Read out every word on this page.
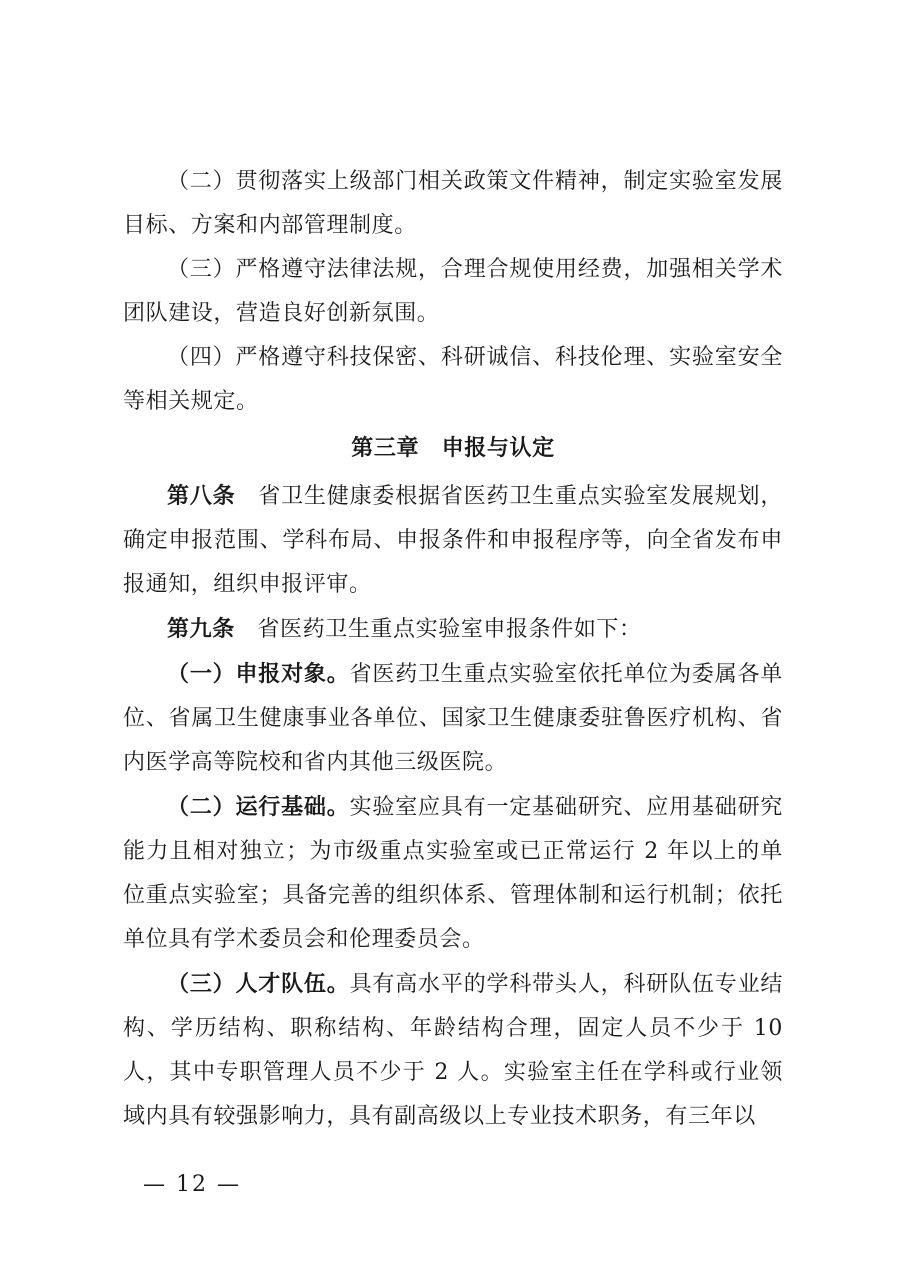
（二）贯彻落实上级部门相关政策文件精神，制定实验室发展目标、方案和内部管理制度。

（三）严格遵守法律法规，合理合规使用经费，加强相关学术团队建设，营造良好创新氛围。

（四）严格遵守科技保密、科研诚信、科技伦理、实验室安全等相关规定。

第三章　申报与认定

第八条　省卫生健康委根据省医药卫生重点实验室发展规划，确定申报范围、学科布局、申报条件和申报程序等，向全省发布申报通知，组织申报评审。

第九条　省医药卫生重点实验室申报条件如下：

（一）申报对象。省医药卫生重点实验室依托单位为委属各单位、省属卫生健康事业各单位、国家卫生健康委驻鲁医疗机构、省内医学高等院校和省内其他三级医院。

（二）运行基础。实验室应具有一定基础研究、应用基础研究能力且相对独立；为市级重点实验室或已正常运行 2 年以上的单位重点实验室；具备完善的组织体系、管理体制和运行机制；依托单位具有学术委员会和伦理委员会。

（三）人才队伍。具有高水平的学科带头人，科研队伍专业结构、学历结构、职称结构、年龄结构合理，固定人员不少于 10 人，其中专职管理人员不少于 2 人。实验室主任在学科或行业领域内具有较强影响力，具有副高级以上专业技术职务，有三年以

— 12 —
